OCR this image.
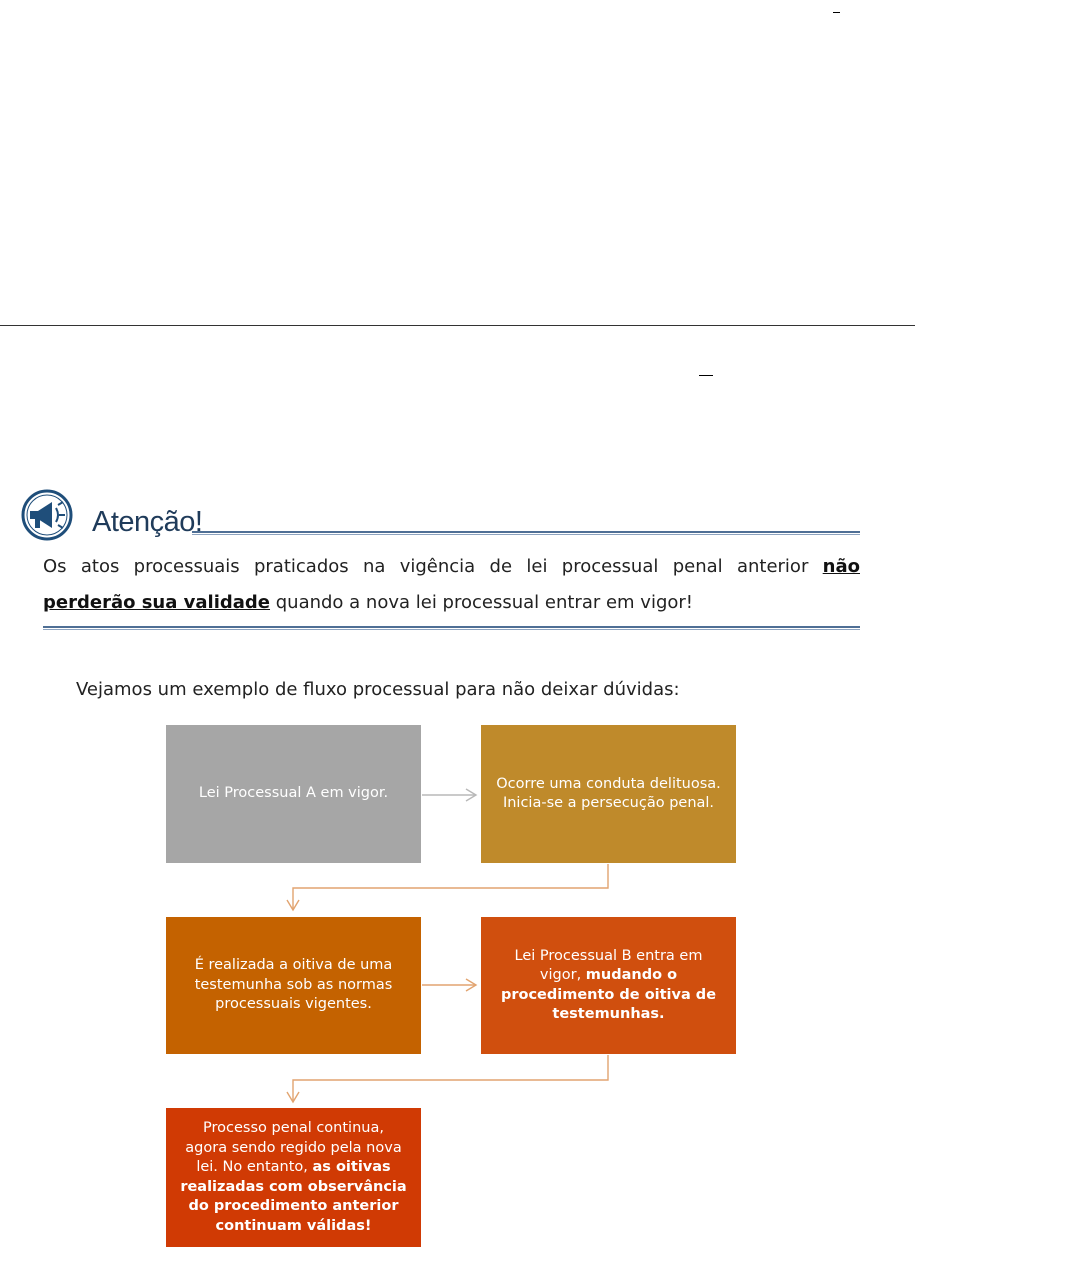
Atenção!
Os atos processuais praticados na vigência de lei processual penal anterior não perderão sua validade quando a nova lei processual entrar em vigor!
Vejamos um exemplo de fluxo processual para não deixar dúvidas:
Lei Processual A em vigor.
Ocorre uma conduta delituosa. Inicia-se a persecução penal.
É realizada a oitiva de uma testemunha sob as normas processuais vigentes.
Lei Processual B entra em vigor, mudando o procedimento de oitiva de testemunhas.
Processo penal continua, agora sendo regido pela nova lei. No entanto, as oitivas realizadas com observância do procedimento anterior continuam válidas!
